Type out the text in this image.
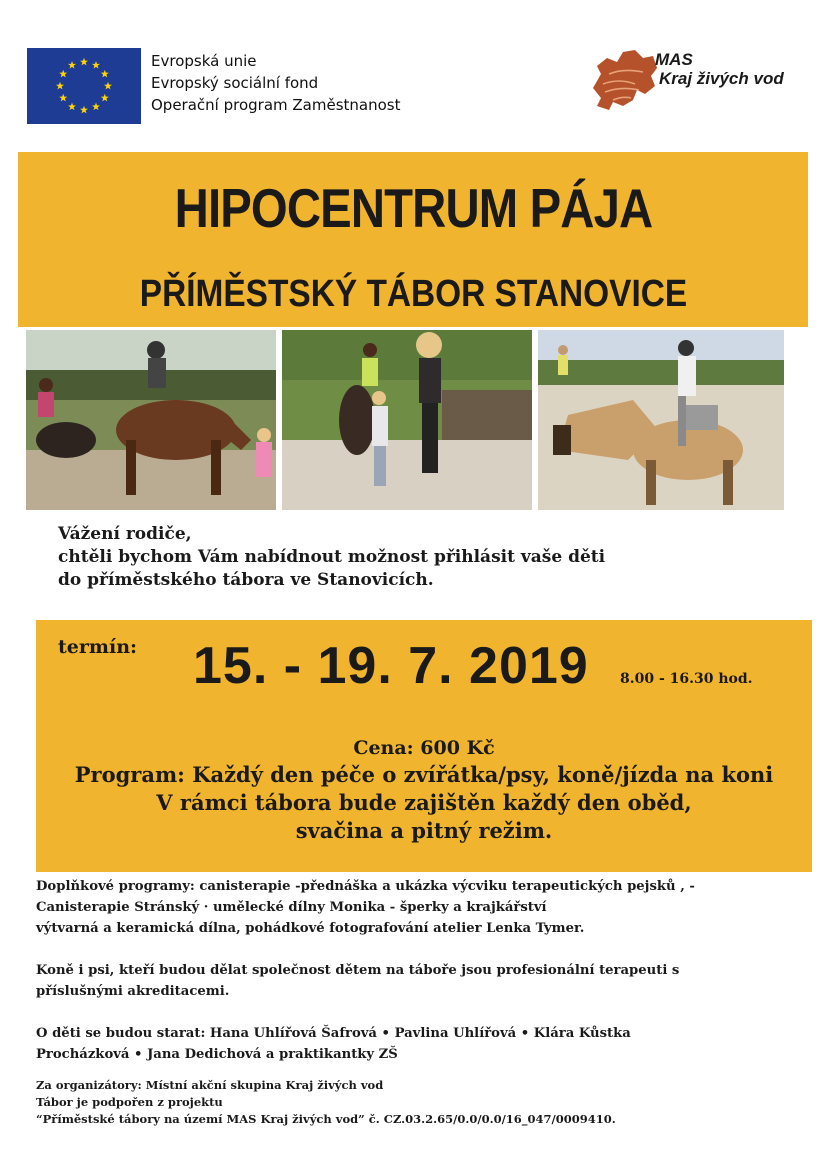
Evropská unie
Evropský sociální fond
Operační program Zaměstnanost
MAS
Kraj živých vod
HIPOCENTRUM PÁJA
PŘÍMĚSTSKÝ TÁBOR STANOVICE
Vážení rodiče,
chtěli bychom Vám nabídnout možnost přihlásit vaše děti
do příměstského tábora ve Stanovicích.
termín: 15. - 19. 7. 2019 8.00 - 16.30 hod.
Cena: 600 Kč
Program: Každý den péče o zvířátka/psy, koně/jízda na koni
V rámci tábora bude zajištěn každý den oběd,
svačina a pitný režim.
Doplňkové programy: canisterapie -přednáška a ukázka výcviku terapeutických pejsků , -
Canisterapie Stránský · umělecké dílny Monika - šperky a krajkářství
výtvarná a keramická dílna, pohádkové fotografování atelier Lenka Tymer.
Koně i psi, kteří budou dělat společnost dětem na táboře jsou profesionální terapeuti s
příslušnými akreditacemi.
O děti se budou starat: Hana Uhlířová Šafrová • Pavlina Uhlířová • Klára Kůstka
Procházková • Jana Dedichová a praktikantky ZŠ
Za organizátory: Místní akční skupina Kraj živých vod
Tábor je podpořen z projektu
“Příměstské tábory na území MAS Kraj živých vod” č. CZ.03.2.65/0.0/0.0/16_047/0009410.
